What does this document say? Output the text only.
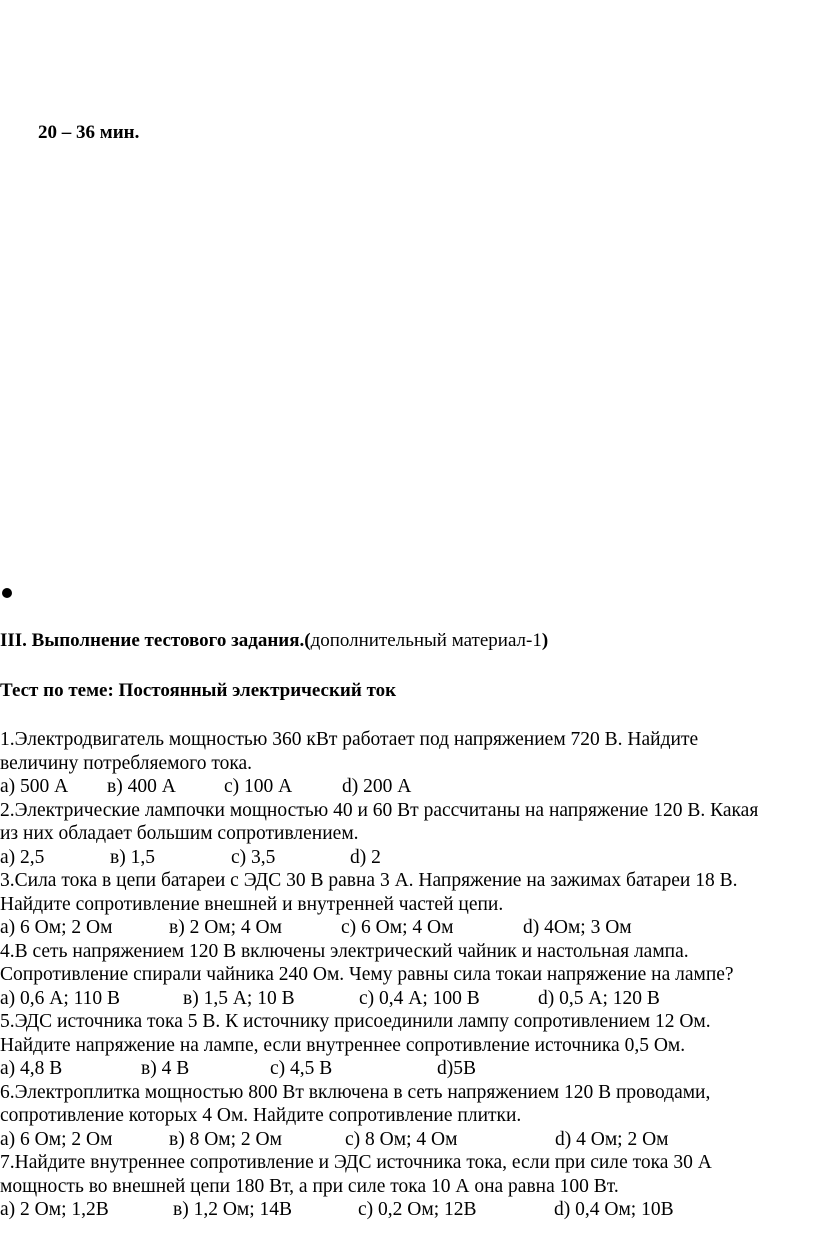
20 – 36 мин.
III. Выполнение тестового задания.(дополнительный материал-1)
Тест по теме: Постоянный электрический ток
1.Электродвигатель мощностью 360 кВт работает под напряжением 720 В. Найдите
величину потребляемого тока.
а) 500 А	в) 400 А	с) 100 А	d) 200 А
2.Электрические лампочки мощностью 40 и 60 Вт рассчитаны на напряжение 120 В. Какая
из них обладает большим сопротивлением.
а) 2,5	в) 1,5	с) 3,5	d) 2
3.Сила тока в цепи батареи с ЭДС 30 В равна 3 А. Напряжение на зажимах батареи 18 В.
Найдите сопротивление внешней и внутренней частей цепи.
а) 6 Ом; 2 Ом	в) 2 Ом; 4 Ом	с) 6 Ом; 4 Ом	d) 4Ом; 3 Ом
4.В сеть напряжением 120 В включены электрический чайник и настольная лампа.
Сопротивление спирали чайника 240 Ом. Чему равны сила токаи напряжение на лампе?
а) 0,6 А; 110 В	в) 1,5 А; 10 В	с) 0,4 А; 100 В	d) 0,5 А; 120 В
5.ЭДС источника тока 5 В. К источнику присоединили лампу сопротивлением 12 Ом.
Найдите напряжение на лампе, если внутреннее сопротивление источника 0,5 Ом.
а) 4,8 В	в) 4 В	с) 4,5 В	d)5В
6.Электроплитка мощностью 800 Вт включена в сеть напряжением 120 В проводами,
сопротивление которых 4 Ом. Найдите сопротивление плитки.
а) 6 Ом; 2 Ом	в) 8 Ом; 2 Ом	с) 8 Ом; 4 Ом	d) 4 Ом; 2 Ом
7.Найдите внутреннее сопротивление и ЭДС источника тока, если при силе тока 30 А
мощность во внешней цепи 180 Вт, а при силе тока 10 А она равна 100 Вт.
а) 2 Ом; 1,2В	в) 1,2 Ом; 14В	с) 0,2 Ом; 12В	d) 0,4 Ом; 10В
